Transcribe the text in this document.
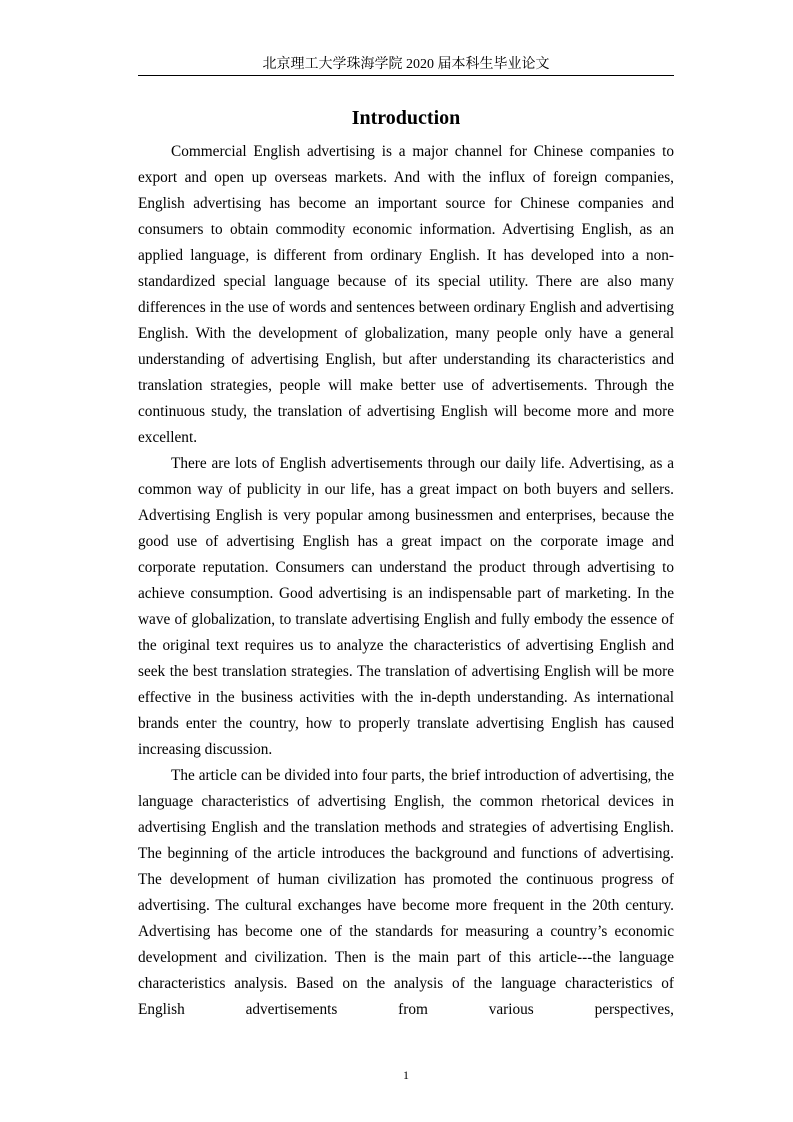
北京理工大学珠海学院 2020 届本科生毕业论文
Introduction

Commercial English advertising is a major channel for Chinese companies to export and open up overseas markets. And with the influx of foreign companies, English advertising has become an important source for Chinese companies and consumers to obtain commodity economic information. Advertising English, as an applied language, is different from ordinary English. It has developed into a non-standardized special language because of its special utility. There are also many differences in the use of words and sentences between ordinary English and advertising English. With the development of globalization, many people only have a general understanding of advertising English, but after understanding its characteristics and translation strategies, people will make better use of advertisements. Through the continuous study, the translation of advertising English will become more and more excellent.

There are lots of English advertisements through our daily life. Advertising, as a common way of publicity in our life, has a great impact on both buyers and sellers. Advertising English is very popular among businessmen and enterprises, because the good use of advertising English has a great impact on the corporate image and corporate reputation. Consumers can understand the product through advertising to achieve consumption. Good advertising is an indispensable part of marketing. In the wave of globalization, to translate advertising English and fully embody the essence of the original text requires us to analyze the characteristics of advertising English and seek the best translation strategies. The translation of advertising English will be more effective in the business activities with the in-depth understanding. As international brands enter the country, how to properly translate advertising English has caused increasing discussion.

The article can be divided into four parts, the brief introduction of advertising, the language characteristics of advertising English, the common rhetorical devices in advertising English and the translation methods and strategies of advertising English. The beginning of the article introduces the background and functions of advertising. The development of human civilization has promoted the continuous progress of advertising. The cultural exchanges have become more frequent in the 20th century. Advertising has become one of the standards for measuring a country’s economic development and civilization. Then is the main part of this article---the language characteristics analysis. Based on the analysis of the language characteristics of English advertisements from various perspectives,

1
